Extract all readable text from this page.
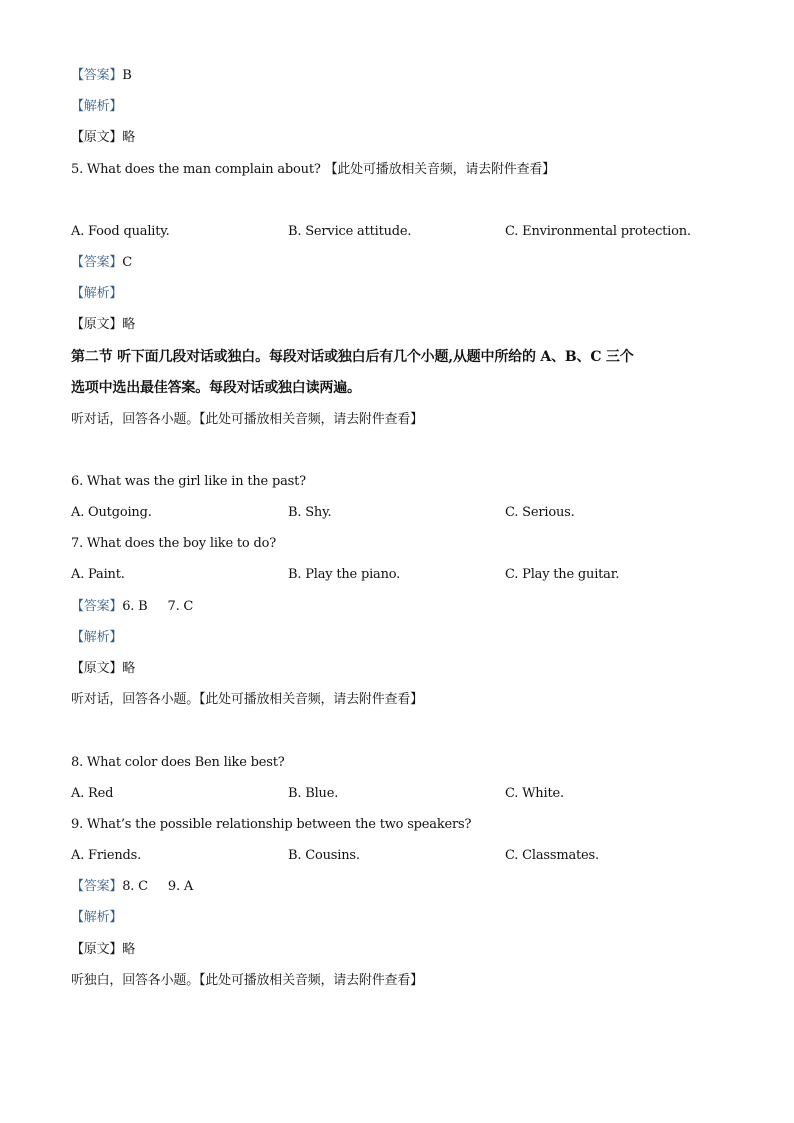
【答案】B
【解析】
【原文】略
5. What does the man complain about? 【此处可播放相关音频，请去附件查看】
A. Food quality.	B. Service attitude.	C. Environmental protection.
【答案】C
【解析】
【原文】略
第二节 听下面几段对话或独白。每段对话或独白后有几个小题,从题中所给的 A、B、C 三个
选项中选出最佳答案。每段对话或独白读两遍。
听对话，回答各小题。【此处可播放相关音频，请去附件查看】
6. What was the girl like in the past?
A. Outgoing.	B. Shy.	C. Serious.
7. What does the boy like to do?
A. Paint.	B. Play the piano.	C. Play the guitar.
【答案】6. B 7. C
【解析】
【原文】略
听对话，回答各小题。【此处可播放相关音频，请去附件查看】
8. What color does Ben like best?
A. Red	B. Blue.	C. White.
9. What’s the possible relationship between the two speakers?
A. Friends.	B. Cousins.	C. Classmates.
【答案】8. C 9. A
【解析】
【原文】略
听独白，回答各小题。【此处可播放相关音频，请去附件查看】
